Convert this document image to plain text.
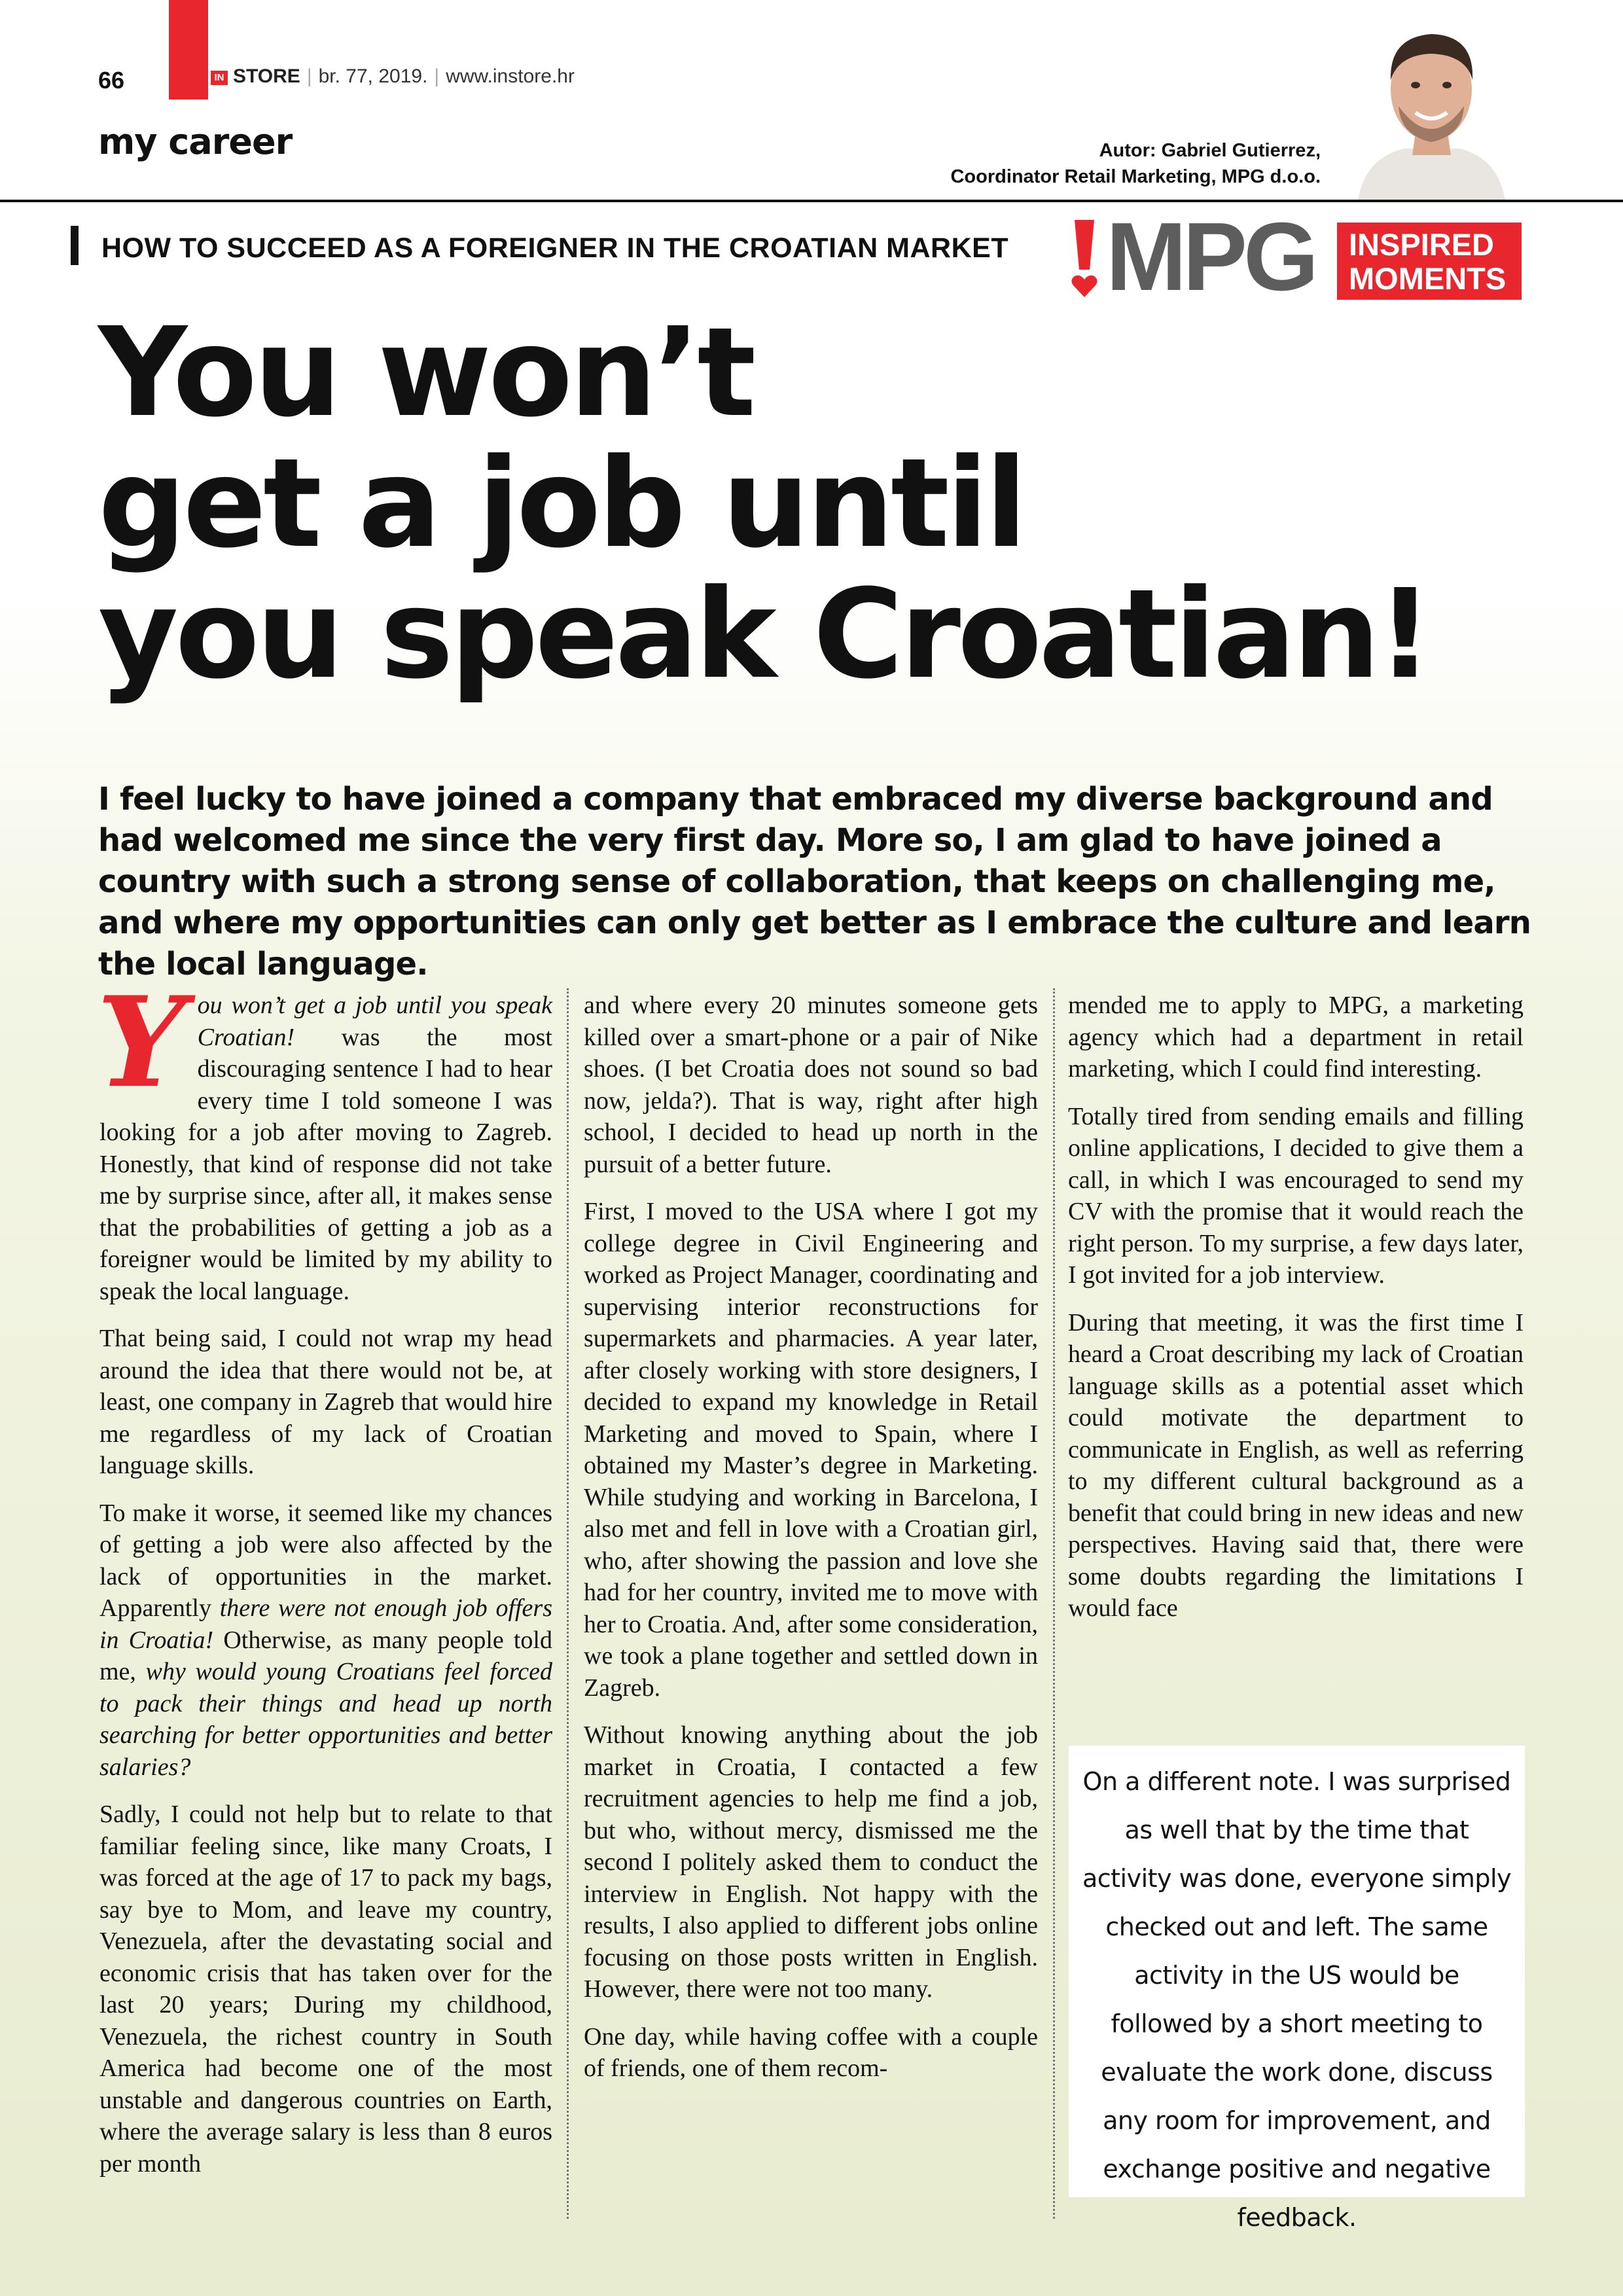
66	IN STORE | br. 77, 2019. | www.instore.hr
my career	Autor: Gabriel Gutierrez,
Coordinator Retail Marketing, MPG d.o.o.
HOW TO SUCCEED AS A FOREIGNER IN THE CROATIAN MARKET MPG INSPIRED
MOMENTS
You won’t
get a job until
you speak Croatian!
I feel lucky to have joined a company that embraced my diverse background and had welcomed me since the very first day. More so, I am glad to have joined a country with such a strong sense of collaboration, that keeps on challenging me, and where my opportunities can only get better as I embrace the culture and learn the local language.

You won’t get a job until you speak Croatian! was the most discouraging sentence I had to hear every time I told someone I was looking for a job after moving to Zagreb. Honestly, that kind of response did not take me by surprise since, after all, it makes sense that the probabilities of getting a job as a foreigner would be limited by my ability to speak the local language.

That being said, I could not wrap my head around the idea that there would not be, at least, one company in Zagreb that would hire me regardless of my lack of Croatian language skills.

To make it worse, it seemed like my chances of getting a job were also affected by the lack of opportunities in the market. Apparently there were not enough job offers in Croatia! Otherwise, as many people told me, why would young Croatians feel forced to pack their things and head up north searching for better opportunities and better salaries?

Sadly, I could not help but to relate to that familiar feeling since, like many Croats, I was forced at the age of 17 to pack my bags, say bye to Mom, and leave my country, Venezuela, after the devastating social and economic crisis that has taken over for the last 20 years; During my childhood, Venezuela, the richest country in South America had become one of the most unstable and dangerous countries on Earth, where the average salary is less than 8 euros per month

and where every 20 minutes someone gets killed over a smart-phone or a pair of Nike shoes. (I bet Croatia does not sound so bad now, jelda?). That is way, right after high school, I decided to head up north in the pursuit of a better future.

First, I moved to the USA where I got my college degree in Civil Engineering and worked as Project Manager, coordinating and supervising interior reconstructions for supermarkets and pharmacies. A year later, after closely working with store designers, I decided to expand my knowledge in Retail Marketing and moved to Spain, where I obtained my Master’s degree in Marketing. While studying and working in Barcelona, I also met and fell in love with a Croatian girl, who, after showing the passion and love she had for her country, invited me to move with her to Croatia. And, after some consideration, we took a plane together and settled down in Zagreb.

Without knowing anything about the job market in Croatia, I contacted a few recruitment agencies to help me find a job, but who, without mercy, dismissed me the second I politely asked them to conduct the interview in English. Not happy with the results, I also applied to different jobs online focusing on those posts written in English. However, there were not too many.

One day, while having coffee with a couple of friends, one of them recom-

mended me to apply to MPG, a marketing agency which had a department in retail marketing, which I could find interesting.

Totally tired from sending emails and filling online applications, I decided to give them a call, in which I was encouraged to send my CV with the promise that it would reach the right person. To my surprise, a few days later, I got invited for a job interview.

During that meeting, it was the first time I heard a Croat describing my lack of Croatian language skills as a potential asset which could motivate the department to communicate in English, as well as referring to my different cultural background as a benefit that could bring in new ideas and new perspectives. Having said that, there were some doubts regarding the limitations I would face

On a different note. I was surprised as well that by the time that activity was done, everyone simply checked out and left. The same activity in the US would be followed by a short meeting to evaluate the work done, discuss any room for improvement, and exchange positive and negative feedback.
